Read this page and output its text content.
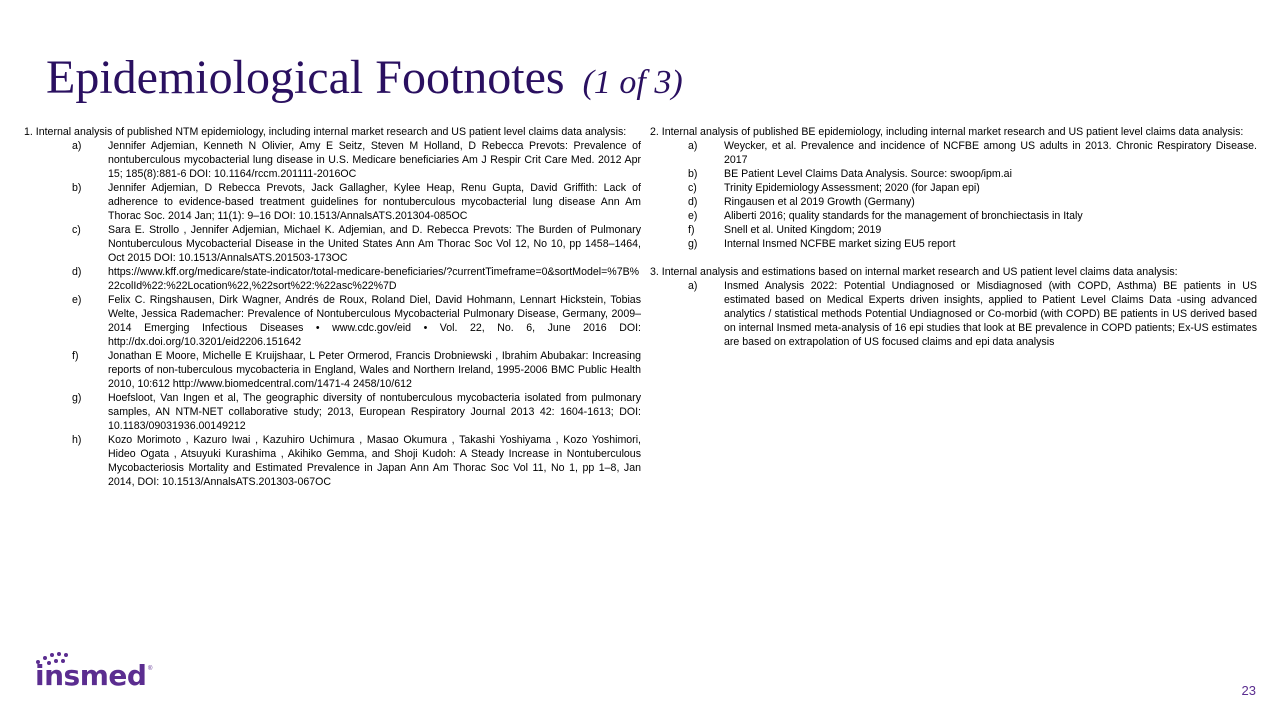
Epidemiological Footnotes (1 of 3)

1. Internal analysis of published NTM epidemiology, including internal market research and US patient level claims data analysis:

a)	Jennifer Adjemian, Kenneth N Olivier, Amy E Seitz, Steven M Holland, D Rebecca Prevots: Prevalence of nontuberculous mycobacterial lung disease in U.S. Medicare beneficiaries Am J Respir Crit Care Med. 2012 Apr 15; 185(8):881-6 DOI: 10.1164/rccm.201111-2016OC
b)	Jennifer Adjemian, D Rebecca Prevots, Jack Gallagher, Kylee Heap, Renu Gupta, David Griffith: Lack of adherence to evidence-based treatment guidelines for nontuberculous mycobacterial lung disease Ann Am Thorac Soc. 2014 Jan; 11(1): 9–16 DOI: 10.1513/AnnalsATS.201304-085OC
c)	Sara E. Strollo , Jennifer Adjemian, Michael K. Adjemian, and D. Rebecca Prevots: The Burden of Pulmonary Nontuberculous Mycobacterial Disease in the United States Ann Am Thorac Soc Vol 12, No 10, pp 1458–1464, Oct 2015 DOI: 10.1513/AnnalsATS.201503-173OC
d)	https://www.kff.org/medicare/state-indicator/total-medicare-beneficiaries/?currentTimeframe=0&sortModel=%7B%22colId%22:%22Location%22,%22sort%22:%22asc%22%7D
e)	Felix C. Ringshausen, Dirk Wagner, Andrés de Roux, Roland Diel, David Hohmann, Lennart Hickstein, Tobias Welte, Jessica Rademacher: Prevalence of Nontuberculous Mycobacterial Pulmonary Disease, Germany, 2009–2014 Emerging Infectious Diseases • www.cdc.gov/eid • Vol. 22, No. 6, June 2016 DOI: http://dx.doi.org/10.3201/eid2206.151642
f)	Jonathan E Moore, Michelle E Kruijshaar, L Peter Ormerod, Francis Drobniewski , Ibrahim Abubakar: Increasing reports of non-tuberculous mycobacteria in England, Wales and Northern Ireland, 1995-2006 BMC Public Health 2010, 10:612 http://www.biomedcentral.com/1471-4 2458/10/612
g)	Hoefsloot, Van Ingen et al, The geographic diversity of nontuberculous mycobacteria isolated from pulmonary samples, AN NTM-NET collaborative study; 2013, European Respiratory Journal 2013 42: 1604-1613; DOI: 10.1183/09031936.00149212
h)	Kozo Morimoto , Kazuro Iwai , Kazuhiro Uchimura , Masao Okumura , Takashi Yoshiyama , Kozo Yoshimori, Hideo Ogata , Atsuyuki Kurashima , Akihiko Gemma, and Shoji Kudoh: A Steady Increase in Nontuberculous Mycobacteriosis Mortality and Estimated Prevalence in Japan Ann Am Thorac Soc Vol 11, No 1, pp 1–8, Jan 2014, DOI: 10.1513/AnnalsATS.201303-067OC

2. Internal analysis of published BE epidemiology, including internal market research and US patient level claims data analysis:

a)	Weycker, et al. Prevalence and incidence of NCFBE among US adults in 2013. Chronic Respiratory Disease. 2017
b)	BE Patient Level Claims Data Analysis. Source: swoop/ipm.ai
c)	Trinity Epidemiology Assessment; 2020 (for Japan epi)
d)	Ringausen et al 2019 Growth (Germany)
e)	Aliberti 2016; quality standards for the management of bronchiectasis in Italy
f)	Snell et al. United Kingdom; 2019
g)	Internal Insmed NCFBE market sizing EU5 report

3. Internal analysis and estimations based on internal market research and US patient level claims data analysis:

a)	Insmed Analysis 2022: Potential Undiagnosed or Misdiagnosed (with COPD, Asthma) BE patients in US estimated based on Medical Experts driven insights, applied to Patient Level Claims Data -using advanced analytics / statistical methods Potential Undiagnosed or Co-morbid (with COPD) BE patients in US derived based on internal Insmed meta-analysis of 16 epi studies that look at BE prevalence in COPD patients; Ex-US estimates are based on extrapolation of US focused claims and epi data analysis
insmed ®
23
